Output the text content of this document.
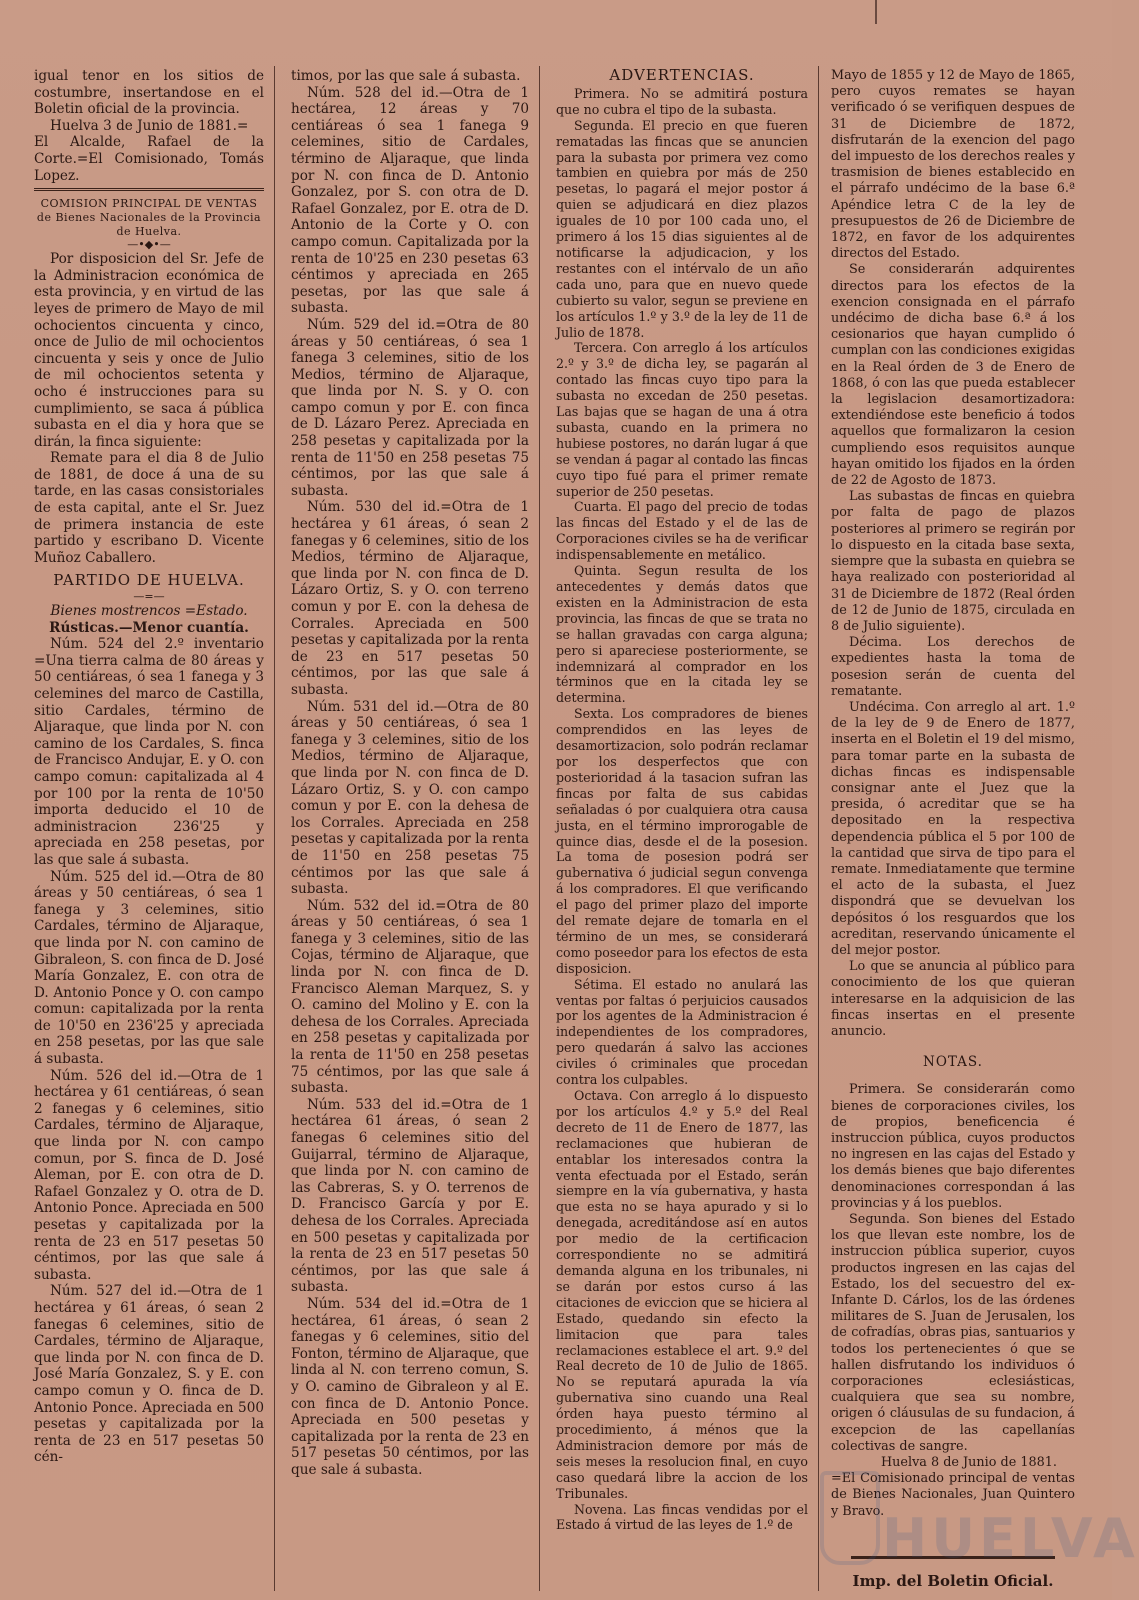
igual tenor en los sitios de costumbre, insertandose en el Boletin oficial de la provincia.

Huelva 3 de Junio de 1881.=

El Alcalde, Rafael de la Corte.=El Comisionado, Tomás Lopez.

COMISION PRINCIPAL DE VENTAS

de Bienes Nacionales de la Provincia de Huelva.

—•◆•—

Por disposicion del Sr. Jefe de la Administracion económica de esta provincia, y en virtud de las leyes de primero de Mayo de mil ochocientos cincuenta y cinco, once de Julio de mil ochocientos cincuenta y seis y once de Julio de mil ochocientos setenta y ocho é instrucciones para su cumplimiento, se saca á pública subasta en el dia y hora que se dirán, la finca siguiente:

Remate para el dia 8 de Julio de 1881, de doce á una de su tarde, en las casas consistoriales de esta capital, ante el Sr. Juez de primera instancia de este partido y escribano D. Vicente Muñoz Caballero.

PARTIDO DE HUELVA.

—=—

Bienes mostrencos =Estado.

Rústicas.—Menor cuantía.

Núm. 524 del 2.º inventario =Una tierra calma de 80 áreas y 50 centiáreas, ó sea 1 fanega y 3 celemines del marco de Castilla, sitio Cardales, término de Aljaraque, que linda por N. con camino de los Cardales, S. finca de Francisco Andujar, E. y O. con campo comun: capitalizada al 4 por 100 por la renta de 10'50 importa deducido el 10 de administracion 236'25 y apreciada en 258 pesetas, por las que sale á subasta.

Núm. 525 del id.—Otra de 80 áreas y 50 centiáreas, ó sea 1 fanega y 3 celemines, sitio Cardales, término de Aljaraque, que linda por N. con camino de Gibraleon, S. con finca de D. José María Gonzalez, E. con otra de D. Antonio Ponce y O. con campo comun: capitalizada por la renta de 10'50 en 236'25 y apreciada en 258 pesetas, por las que sale á subasta.

Núm. 526 del id.—Otra de 1 hectárea y 61 centiáreas, ó sean 2 fanegas y 6 celemines, sitio Cardales, término de Aljaraque, que linda por N. con campo comun, por S. finca de D. José Aleman, por E. con otra de D. Rafael Gonzalez y O. otra de D. Antonio Ponce. Apreciada en 500 pesetas y capitalizada por la renta de 23 en 517 pesetas 50 céntimos, por las que sale á subasta.

Núm. 527 del id.—Otra de 1 hectárea y 61 áreas, ó sean 2 fanegas 6 celemines, sitio de Cardales, término de Aljaraque, que linda por N. con finca de D. José María Gonzalez, S. y E. con campo comun y O. finca de D. Antonio Ponce. Apreciada en 500 pesetas y capitalizada por la renta de 23 en 517 pesetas 50 cén-

timos, por las que sale á subasta.

Núm. 528 del id.—Otra de 1 hectárea, 12 áreas y 70 centiáreas ó sea 1 fanega 9 celemines, sitio de Cardales, término de Aljaraque, que linda por N. con finca de D. Antonio Gonzalez, por S. con otra de D. Rafael Gonzalez, por E. otra de D. Antonio de la Corte y O. con campo comun. Capitalizada por la renta de 10'25 en 230 pesetas 63 céntimos y apreciada en 265 pesetas, por las que sale á subasta.

Núm. 529 del id.=Otra de 80 áreas y 50 centiáreas, ó sea 1 fanega 3 celemines, sitio de los Medios, término de Aljaraque, que linda por N. S. y O. con campo comun y por E. con finca de D. Lázaro Perez. Apreciada en 258 pesetas y capitalizada por la renta de 11'50 en 258 pesetas 75 céntimos, por las que sale á subasta.

Núm. 530 del id.=Otra de 1 hectárea y 61 áreas, ó sean 2 fanegas y 6 celemines, sitio de los Medios, término de Aljaraque, que linda por N. con finca de D. Lázaro Ortiz, S. y O. con terreno comun y por E. con la dehesa de Corrales. Apreciada en 500 pesetas y capitalizada por la renta de 23 en 517 pesetas 50 céntimos, por las que sale á subasta.

Núm. 531 del id.—Otra de 80 áreas y 50 centiáreas, ó sea 1 fanega y 3 celemines, sitio de los Medios, término de Aljaraque, que linda por N. con finca de D. Lázaro Ortiz, S. y O. con campo comun y por E. con la dehesa de los Corrales. Apreciada en 258 pesetas y capitalizada por la renta de 11'50 en 258 pesetas 75 céntimos por las que sale á subasta.

Núm. 532 del id.=Otra de 80 áreas y 50 centiáreas, ó sea 1 fanega y 3 celemines, sitio de las Cojas, término de Aljaraque, que linda por N. con finca de D. Francisco Aleman Marquez, S. y O. camino del Molino y E. con la dehesa de los Corrales. Apreciada en 258 pesetas y capitalizada por la renta de 11'50 en 258 pesetas 75 céntimos, por las que sale á subasta.

Núm. 533 del id.=Otra de 1 hectárea 61 áreas, ó sean 2 fanegas 6 celemines sitio del Guijarral, término de Aljaraque, que linda por N. con camino de las Cabreras, S. y O. terrenos de D. Francisco García y por E. dehesa de los Corrales. Apreciada en 500 pesetas y capitalizada por la renta de 23 en 517 pesetas 50 céntimos, por las que sale á subasta.

Núm. 534 del id.=Otra de 1 hectárea, 61 áreas, ó sean 2 fanegas y 6 celemines, sitio del Fonton, término de Aljaraque, que linda al N. con terreno comun, S. y O. camino de Gibraleon y al E. con finca de D. Antonio Ponce. Apreciada en 500 pesetas y capitalizada por la renta de 23 en 517 pesetas 50 céntimos, por las que sale á subasta.

ADVERTENCIAS.

Primera. No se admitirá postura que no cubra el tipo de la subasta.

Segunda. El precio en que fueren rematadas las fincas que se anuncien para la subasta por primera vez como tambien en quiebra por más de 250 pesetas, lo pagará el mejor postor á quien se adjudicará en diez plazos iguales de 10 por 100 cada uno, el primero á los 15 dias siguientes al de notificarse la adjudicacion, y los restantes con el intérvalo de un año cada uno, para que en nuevo quede cubierto su valor, segun se previene en los artículos 1.º y 3.º de la ley de 11 de Julio de 1878.

Tercera. Con arreglo á los artículos 2.º y 3.º de dicha ley, se pagarán al contado las fincas cuyo tipo para la subasta no excedan de 250 pesetas. Las bajas que se hagan de una á otra subasta, cuando en la primera no hubiese postores, no darán lugar á que se vendan á pagar al contado las fincas cuyo tipo fué para el primer remate superior de 250 pesetas.

Cuarta. El pago del precio de todas las fincas del Estado y el de las de Corporaciones civiles se ha de verificar indispensablemente en metálico.

Quinta. Segun resulta de los antecedentes y demás datos que existen en la Administracion de esta provincia, las fincas de que se trata no se hallan gravadas con carga alguna; pero si apareciese posteriormente, se indemnizará al comprador en los términos que en la citada ley se determina.

Sexta. Los compradores de bienes comprendidos en las leyes de desamortizacion, solo podrán reclamar por los desperfectos que con posterioridad á la tasacion sufran las fincas por falta de sus cabidas señaladas ó por cualquiera otra causa justa, en el término improrogable de quince dias, desde el de la posesion. La toma de posesion podrá ser gubernativa ó judicial segun convenga á los compradores. El que verificando el pago del primer plazo del importe del remate dejare de tomarla en el término de un mes, se considerará como poseedor para los efectos de esta disposicion.

Sétima. El estado no anulará las ventas por faltas ó perjuicios causados por los agentes de la Administracion é independientes de los compradores, pero quedarán á salvo las acciones civiles ó criminales que procedan contra los culpables.

Octava. Con arreglo á lo dispuesto por los artículos 4.º y 5.º del Real decreto de 11 de Enero de 1877, las reclamaciones que hubieran de entablar los interesados contra la venta efectuada por el Estado, serán siempre en la vía gubernativa, y hasta que esta no se haya apurado y si lo denegada, acreditándose así en autos por medio de la certificacion correspondiente no se admitirá demanda alguna en los tribunales, ni se darán por estos curso á las citaciones de eviccion que se hiciera al Estado, quedando sin efecto la limitacion que para tales reclamaciones establece el art. 9.º del Real decreto de 10 de Julio de 1865. No se reputará apurada la vía gubernativa sino cuando una Real órden haya puesto término al procedimiento, á ménos que la Administracion demore por más de seis meses la resolucion final, en cuyo caso quedará libre la accion de los Tribunales.

Novena. Las fincas vendidas por el Estado á virtud de las leyes de 1.º de

Mayo de 1855 y 12 de Mayo de 1865, pero cuyos remates se hayan verificado ó se verifiquen despues de 31 de Diciembre de 1872, disfrutarán de la exencion del pago del impuesto de los derechos reales y trasmision de bienes establecido en el párrafo undécimo de la base 6.ª Apéndice letra C de la ley de presupuestos de 26 de Diciembre de 1872, en favor de los adquirentes directos del Estado.

Se considerarán adquirentes directos para los efectos de la exencion consignada en el párrafo undécimo de dicha base 6.ª á los cesionarios que hayan cumplido ó cumplan con las condiciones exigidas en la Real órden de 3 de Enero de 1868, ó con las que pueda establecer la legislacion desamortizadora: extendiéndose este beneficio á todos aquellos que formalizaron la cesion cumpliendo esos requisitos aunque hayan omitido los fijados en la órden de 22 de Agosto de 1873.

Las subastas de fincas en quiebra por falta de pago de plazos posteriores al primero se regirán por lo dispuesto en la citada base sexta, siempre que la subasta en quiebra se haya realizado con posterioridad al 31 de Diciembre de 1872 (Real órden de 12 de Junio de 1875, circulada en 8 de Julio siguiente).

Décima. Los derechos de expedientes hasta la toma de posesion serán de cuenta del rematante.

Undécima. Con arreglo al art. 1.º de la ley de 9 de Enero de 1877, inserta en el Boletin el 19 del mismo, para tomar parte en la subasta de dichas fincas es indispensable consignar ante el Juez que la presida, ó acreditar que se ha depositado en la respectiva dependencia pública el 5 por 100 de la cantidad que sirva de tipo para el remate. Inmediatamente que termine el acto de la subasta, el Juez dispondrá que se devuelvan los depósitos ó los resguardos que los acreditan, reservando únicamente el del mejor postor.

Lo que se anuncia al público para conocimiento de los que quieran interesarse en la adquisicion de las fincas insertas en el presente anuncio.

NOTAS.

Primera. Se considerarán como bienes de corporaciones civiles, los de propios, beneficencia é instruccion pública, cuyos productos no ingresen en las cajas del Estado y los demás bienes que bajo diferentes denominaciones correspondan á las provincias y á los pueblos.

Segunda. Son bienes del Estado los que llevan este nombre, los de instruccion pública superior, cuyos productos ingresen en las cajas del Estado, los del secuestro del ex-Infante D. Cárlos, los de las órdenes militares de S. Juan de Jerusalen, los de cofradías, obras pias, santuarios y todos los pertenecientes ó que se hallen disfrutando los individuos ó corporaciones eclesiásticas, cualquiera que sea su nombre, origen ó cláusulas de su fundacion, á excepcion de las capellanías colectivas de sangre.

Huelva 8 de Junio de 1881.

=El Comisionado principal de ventas de Bienes Nacionales, Juan Quintero y Bravo.

Imp. del Boletin Oficial.

HUELVA
